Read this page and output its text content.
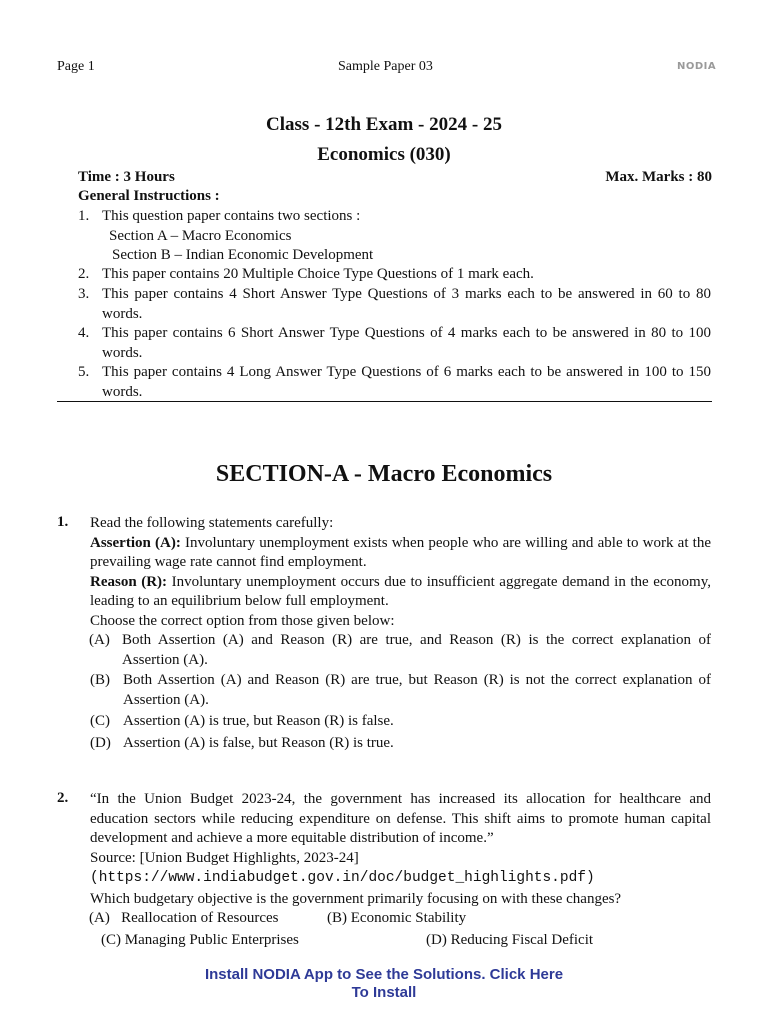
Page 1	Sample Paper 03	NODIA
Class - 12th Exam - 2024 - 25
Economics (030)
Time : 3 Hours	Max. Marks : 80
General Instructions :
1. This question paper contains two sections :
Section A – Macro Economics
Section B – Indian Economic Development
2. This paper contains 20 Multiple Choice Type Questions of 1 mark each.
3. This paper contains 4 Short Answer Type Questions of 3 marks each to be answered in 60 to 80 words.
4. This paper contains 6 Short Answer Type Questions of 4 marks each to be answered in 80 to 100 words.
5. This paper contains 4 Long Answer Type Questions of 6 marks each to be answered in 100 to 150 words.
SECTION-A - Macro Economics
1. Read the following statements carefully:
Assertion (A): Involuntary unemployment exists when people who are willing and able to work at the prevailing wage rate cannot find employment.
Reason (R): Involuntary unemployment occurs due to insufficient aggregate demand in the economy, leading to an equilibrium below full employment.
Choose the correct option from those given below:
(A) Both Assertion (A) and Reason (R) are true, and Reason (R) is the correct explanation of Assertion (A).
(B) Both Assertion (A) and Reason (R) are true, but Reason (R) is not the correct explanation of Assertion (A).
(C) Assertion (A) is true, but Reason (R) is false.
(D) Assertion (A) is false, but Reason (R) is true.
2. “In the Union Budget 2023-24, the government has increased its allocation for healthcare and education sectors while reducing expenditure on defense. This shift aims to promote human capital development and achieve a more equitable distribution of income.”
Source: [Union Budget Highlights, 2023-24](https://www.indiabudget.gov.in/doc/budget_highlights.pdf)
Which budgetary objective is the government primarily focusing on with these changes?
(A)   Reallocation of Resources	(B) Economic Stability
(C) Managing Public Enterprises	(D) Reducing Fiscal Deficit
Install NODIA App to See the Solutions. Click Here
To Install
